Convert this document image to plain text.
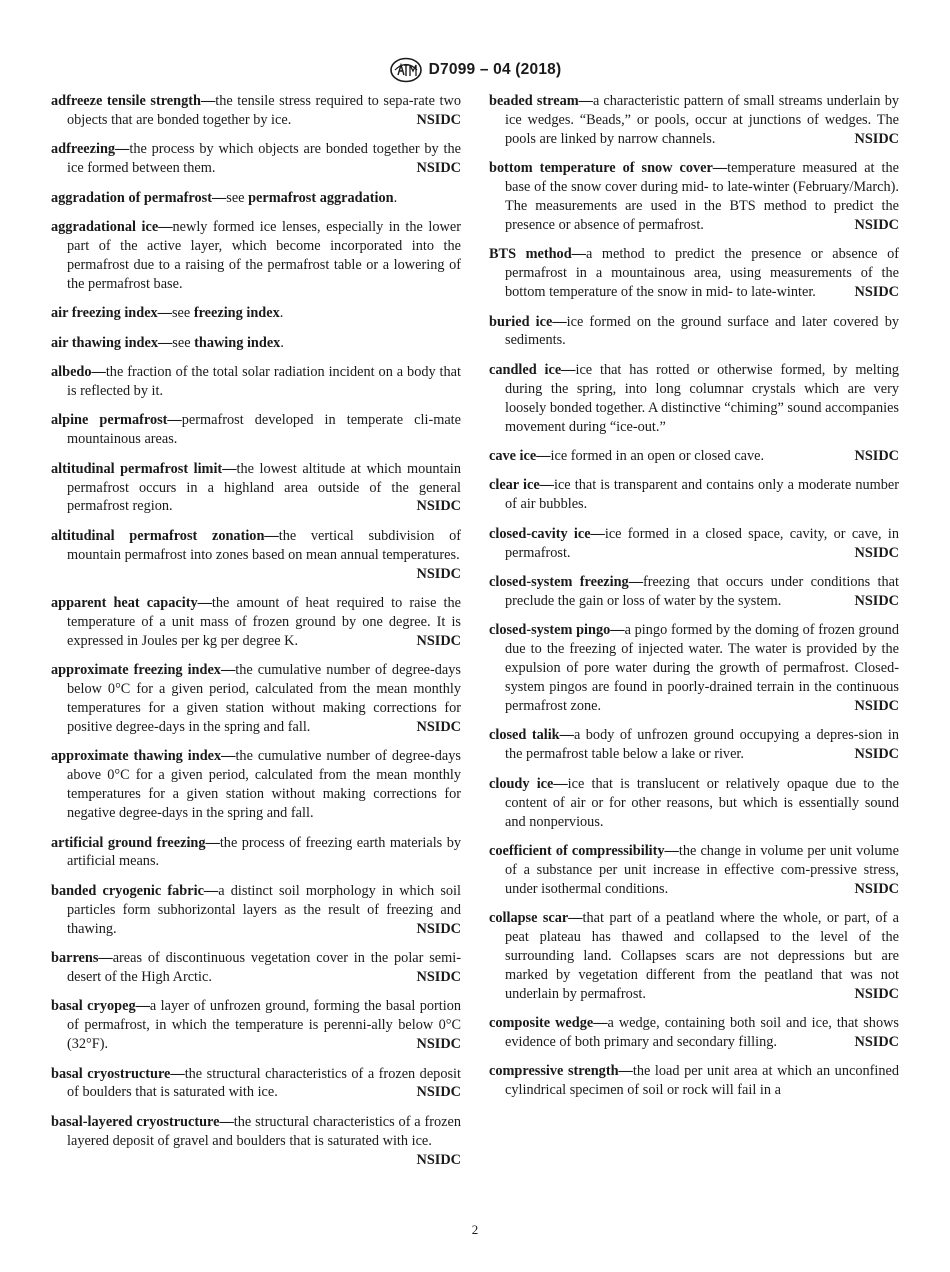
D7099 – 04 (2018)

adfreeze tensile strength—the tensile stress required to sepa-rate two objects that are bonded together by ice.	NSIDC

adfreezing—the process by which objects are bonded together by the ice formed between them.	NSIDC

aggradation of permafrost—see permafrost aggradation.

aggradational ice—newly formed ice lenses, especially in the lower part of the active layer, which become incorporated into the permafrost due to a raising of the permafrost table or a lowering of the permafrost base.

air freezing index—see freezing index.

air thawing index—see thawing index.

albedo—the fraction of the total solar radiation incident on a body that is reflected by it.

alpine permafrost—permafrost developed in temperate cli-mate mountainous areas.

altitudinal permafrost limit—the lowest altitude at which mountain permafrost occurs in a highland area outside of the general permafrost region.	NSIDC

altitudinal permafrost zonation—the vertical subdivision of mountain permafrost into zones based on mean annual temperatures.
NSIDC

apparent heat capacity—the amount of heat required to raise the temperature of a unit mass of frozen ground by one degree. It is expressed in Joules per kg per degree K.	NSIDC

approximate freezing index—the cumulative number of degree-days below 0°C for a given period, calculated from the mean monthly temperatures for a given station without making corrections for positive degree-days in the spring and fall.	NSIDC

approximate thawing index—the cumulative number of degree-days above 0°C for a given period, calculated from the mean monthly temperatures for a given station without making corrections for negative degree-days in the spring and fall.

artificial ground freezing—the process of freezing earth materials by artificial means.

banded cryogenic fabric—a distinct soil morphology in which soil particles form subhorizontal layers as the result of freezing and thawing.	NSIDC

barrens—areas of discontinuous vegetation cover in the polar semi-desert of the High Arctic.	NSIDC

basal cryopeg—a layer of unfrozen ground, forming the basal portion of permafrost, in which the temperature is perenni-ally below 0°C (32°F).	NSIDC

basal cryostructure—the structural characteristics of a frozen deposit of boulders that is saturated with ice.	NSIDC

basal-layered cryostructure—the structural characteristics of a frozen layered deposit of gravel and boulders that is saturated with ice.
NSIDC

beaded stream—a characteristic pattern of small streams underlain by ice wedges. “Beads,” or pools, occur at junctions of wedges. The pools are linked by narrow channels.	NSIDC

bottom temperature of snow cover—temperature measured at the base of the snow cover during mid- to late-winter (February/March). The measurements are used in the BTS method to predict the presence or absence of permafrost.	NSIDC

BTS method—a method to predict the presence or absence of permafrost in a mountainous area, using measurements of the bottom temperature of the snow in mid- to late-winter.	NSIDC

buried ice—ice formed on the ground surface and later covered by sediments.

candled ice—ice that has rotted or otherwise formed, by melting during the spring, into long columnar crystals which are very loosely bonded together. A distinctive “chiming” sound accompanies movement during “ice-out.”

cave ice—ice formed in an open or closed cave.	NSIDC

clear ice—ice that is transparent and contains only a moderate number of air bubbles.

closed-cavity ice—ice formed in a closed space, cavity, or cave, in permafrost.	NSIDC

closed-system freezing—freezing that occurs under conditions that preclude the gain or loss of water by the system.	NSIDC

closed-system pingo—a pingo formed by the doming of frozen ground due to the freezing of injected water. The water is provided by the expulsion of pore water during the growth of permafrost. Closed-system pingos are found in poorly-drained terrain in the continuous permafrost zone.	NSIDC

closed talik—a body of unfrozen ground occupying a depres-sion in the permafrost table below a lake or river.	NSIDC

cloudy ice—ice that is translucent or relatively opaque due to the content of air or for other reasons, but which is essentially sound and nonpervious.

coefficient of compressibility—the change in volume per unit volume of a substance per unit increase in effective com-pressive stress, under isothermal conditions.	NSIDC

collapse scar—that part of a peatland where the whole, or part, of a peat plateau has thawed and collapsed to the level of the surrounding land. Collapses scars are not depressions but are marked by vegetation different from the peatland that was not underlain by permafrost.	NSIDC

composite wedge—a wedge, containing both soil and ice, that shows evidence of both primary and secondary filling.	NSIDC

compressive strength—the load per unit area at which an unconfined cylindrical specimen of soil or rock will fail in a

2
